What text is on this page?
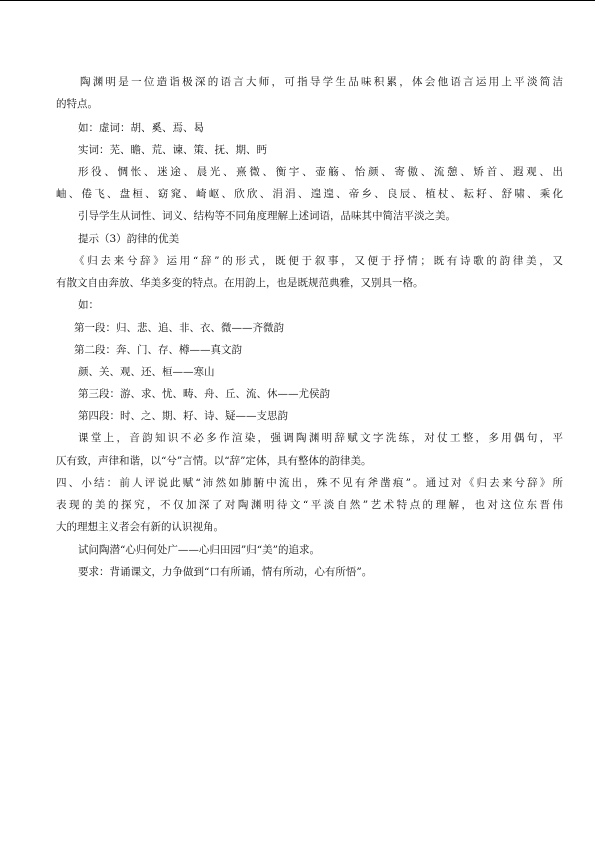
陶渊明是一位造诣极深的语言大师，可指导学生品味积累，体会他语言运用上平淡简洁
的特点。
如：虚词：胡、奚、焉、曷
实词：芜、瞻、荒、谏、策、抚、期、眄
形役、惆怅、迷途、晨光、熹微、衡宇、壶觞、怡颜、寄傲、流憩、矫首、遐观、出
岫、倦飞、盘桓、窈窕、崎岖、欣欣、涓涓、遑遑、帝乡、良辰、植杖、耘耔、舒啸、乘化
引导学生从词性、词义、结构等不同角度理解上述词语，品味其中简洁平淡之美。
提示（3）韵律的优美
《归去来兮辞》运用“辞”的形式，既便于叙事，又便于抒情；既有诗歌的韵律美，又
有散文自由奔放、华美多变的特点。在用韵上，也是既规范典雅，又别具一格。
如：
第一段：归、悲、追、非、衣、微——齐微韵
第二段：奔、门、存、樽——真文韵
颜、关、观、还、桓——寒山
第三段：游、求、忧、畴、舟、丘、流、休——尤侯韵
第四段：时、之、期、耔、诗、疑——支思韵
课堂上，音韵知识不必多作渲染，强调陶渊明辞赋文字洗练，对仗工整，多用偶句，平
仄有致，声律和谐，以“兮”言情。以“辞”定体，具有整体的韵律美。
四、小结：前人评说此赋“沛然如肺腑中流出，殊不见有斧凿痕”。通过对《归去来兮辞》所
表现的美的探究，不仅加深了对陶渊明待文“平淡自然”艺术特点的理解，也对这位东晋伟
大的理想主义者会有新的认识视角。
试问陶潜“心归何处广——心归田园”归“美”的追求。
要求：背诵课文，力争做到“口有所诵，情有所动，心有所悟”。
